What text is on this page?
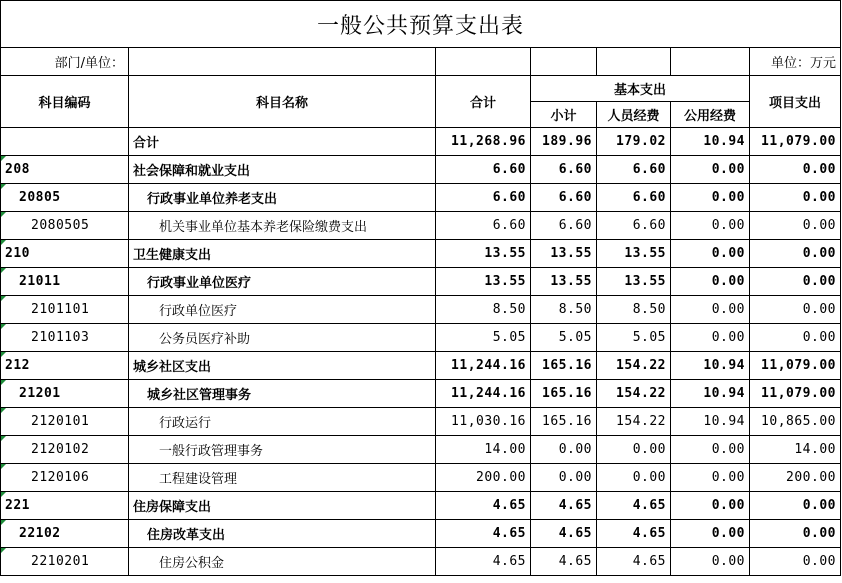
一般公共预算支出表						
部门/单位：						单位：万元
科目编码	科目名称	合计	基本支出			项目支出
			小计	人员经费	公用经费	
	合计	11,268.96	189.96	179.02	10.94	11,079.00

208	社会保障和就业支出	6.60	6.60	6.60	0.00	0.00

20805	行政事业单位养老支出	6.60	6.60	6.60	0.00	0.00

2080505	机关事业单位基本养老保险缴费支出	6.60	6.60	6.60	0.00	0.00

210	卫生健康支出	13.55	13.55	13.55	0.00	0.00

21011	行政事业单位医疗	13.55	13.55	13.55	0.00	0.00

2101101	行政单位医疗	8.50	8.50	8.50	0.00	0.00

2101103	公务员医疗补助	5.05	5.05	5.05	0.00	0.00

212	城乡社区支出	11,244.16	165.16	154.22	10.94	11,079.00

21201	城乡社区管理事务	11,244.16	165.16	154.22	10.94	11,079.00

2120101	行政运行	11,030.16	165.16	154.22	10.94	10,865.00

2120102	一般行政管理事务	14.00	0.00	0.00	0.00	14.00

2120106	工程建设管理	200.00	0.00	0.00	0.00	200.00

221	住房保障支出	4.65	4.65	4.65	0.00	0.00

22102	住房改革支出	4.65	4.65	4.65	0.00	0.00

2210201	住房公积金	4.65	4.65	4.65	0.00	0.00
